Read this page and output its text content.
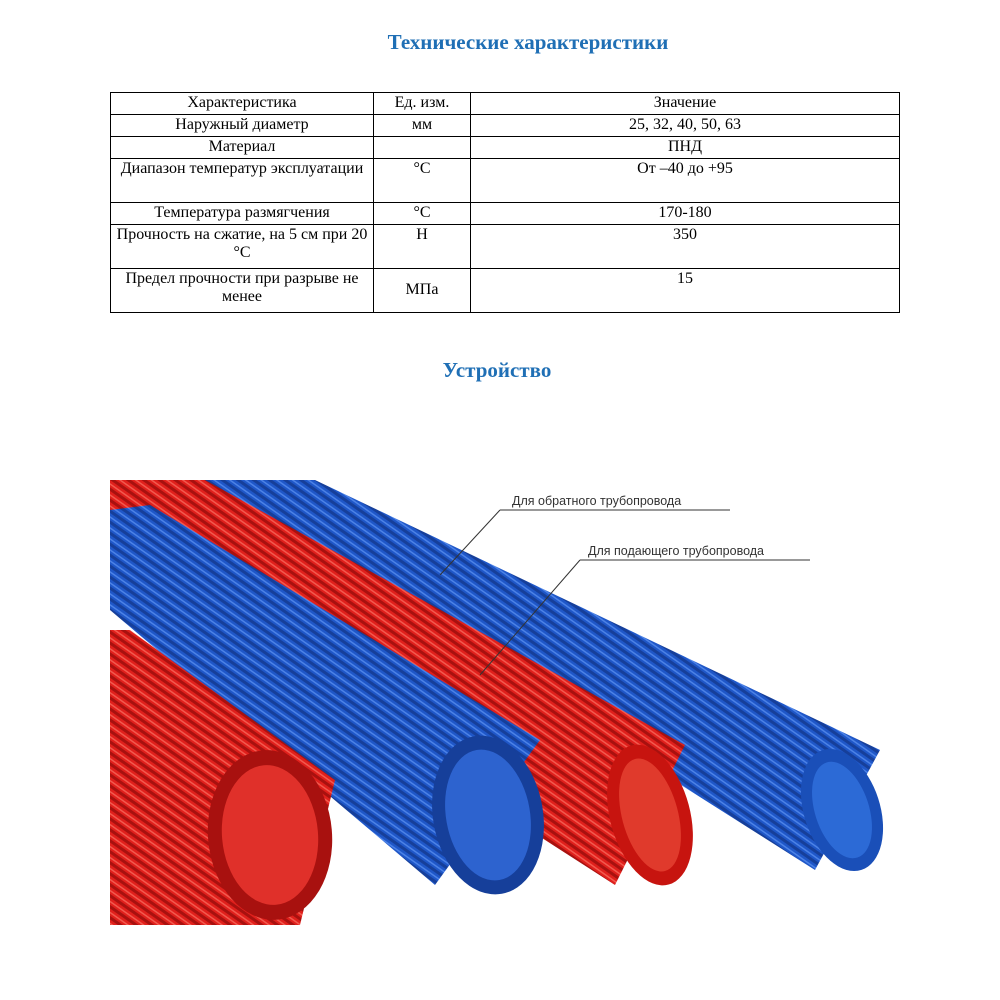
Технические характеристики
Характеристика	Ед. изм.	Значение
Наружный диаметр	мм	25, 32, 40, 50, 63
Материал		ПНД
Диапазон температур эксплуатации	°С	От –40 до +95
Температура размягчения	°С	170-180
Прочность на сжатие, на 5 см при 20 °С	Н	350
Предел прочности при разрыве не менее	МПа	15
Устройство
Для обратного трубопровода
Для подающего трубопровода
